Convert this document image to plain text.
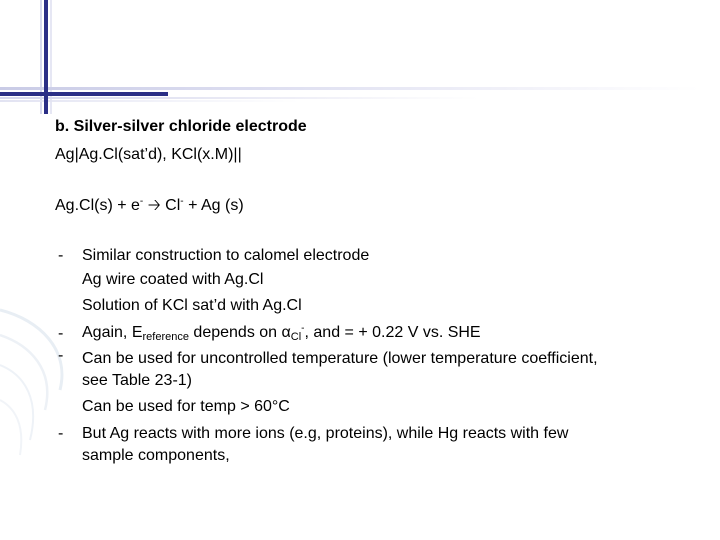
b. Silver-silver chloride electrode
Ag|Ag.Cl(sat’d), KCl(x.M)||
Ag.Cl(s) + e- 🡢 Cl- + Ag (s)
-
-
-
-
Similar construction to calomel electrode
Ag wire coated with Ag.Cl
Solution of KCl sat’d with Ag.Cl
Again, $E_{reference}$ depends on $\alpha_{Cl}^-$, and = + 0.22 V vs. SHE
Can be used for uncontrolled temperature (lower temperature coefficient,
see Table 23-1)
Can be used for temp > 60°C
But Ag reacts with more ions (e.g, proteins), while Hg reacts with few
sample components,
